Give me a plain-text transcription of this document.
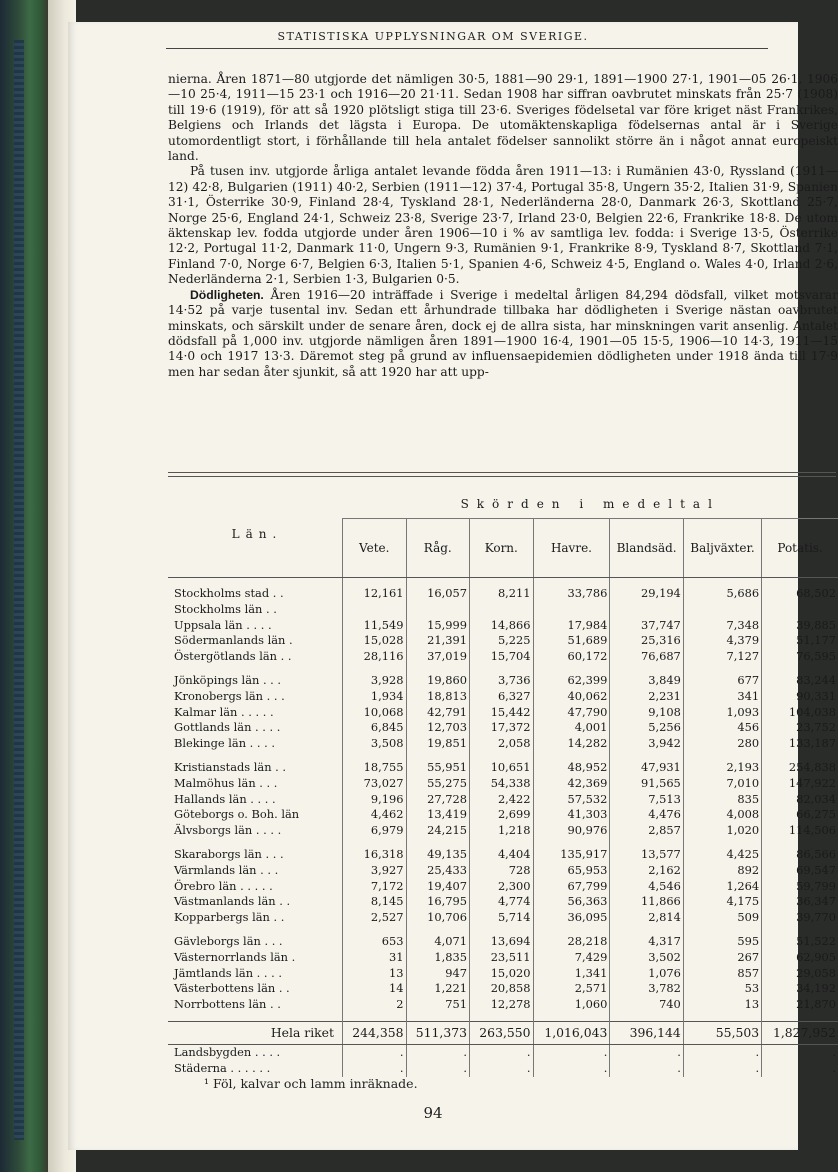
STATISTISKA UPPLYSNINGAR OM SVERIGE.

nierna. Åren 1871—80 utgjorde det nämligen 30·5, 1881—90 29·1, 1891—1900 27·1, 1901—05 26·1, 1906—10 25·4, 1911—15 23·1 och 1916—20 21·11. Sedan 1908 har siffran oavbrutet minskats från 25·7 (1908) till 19·6 (1919), för att så 1920 plötsligt stiga till 23·6. Sveriges födelsetal var före kriget näst Frankrikes, Belgiens och Irlands det lägsta i Europa. De utomäktenskapliga födelsernas antal är i Sverige utomordentligt stort, i förhållande till hela antalet födelser sannolikt större än i något annat europeiskt land.

På tusen inv. utgjorde årliga antalet levande födda åren 1911—13: i Rumänien 43·0, Ryssland (1911—12) 42·8, Bulgarien (1911) 40·2, Serbien (1911—12) 37·4, Portugal 35·8, Ungern 35·2, Italien 31·9, Spanien 31·1, Österrike 30·9, Finland 28·4, Tyskland 28·1, Nederländerna 28·0, Danmark 26·3, Skottland 25·7, Norge 25·6, England 24·1, Schweiz 23·8, Sverige 23·7, Irland 23·0, Belgien 22·6, Frankrike 18·8. De utom äktenskap lev. fodda utgjorde under åren 1906—10 i % av samtliga lev. fodda: i Sverige 13·5, Österrike 12·2, Portugal 11·2, Danmark 11·0, Ungern 9·3, Rumänien 9·1, Frankrike 8·9, Tyskland 8·7, Skottland 7·1, Finland 7·0, Norge 6·7, Belgien 6·3, Italien 5·1, Spanien 4·6, Schweiz 4·5, England o. Wales 4·0, Irland 2·6, Nederländerna 2·1, Serbien 1·3, Bulgarien 0·5.

Dödligheten. Åren 1916—20 inträffade i Sverige i medeltal årligen 84,294 dödsfall, vilket motsvarar 14·52 på varje tusental inv. Sedan ett århundrade tillbaka har dödligheten i Sverige nästan oavbrutet minskats, och särskilt under de senare åren, dock ej de allra sista, har minskningen varit ansenlig. Antalet dödsfall på 1,000 inv. utgjorde nämligen åren 1891—1900 16·4, 1901—05 15·5, 1906—10 14·3, 1911—15 14·0 och 1917 13·3. Däremot steg på grund av influensaepidemien dödligheten under 1918 ända till 17·9 men har sedan åter sjunkit, så att 1920 har att upp-

Län.	Skörden i medeltal						
	Vete.	Råg.	Korn.	Havre.	Blandsäd.	Baljväxter.	Potatis.

Stockholms stad . .	12,161	16,057	8,211	33,786	29,194	5,686	68,502
Stockholms län . .							
Uppsala län . . . .	11,549	15,999	14,866	17,984	37,747	7,348	39,885
Södermanlands län .	15,028	21,391	5,225	51,689	25,316	4,379	51,177
Östergötlands län . .	28,116	37,019	15,704	60,172	76,687	7,127	76,595

Jönköpings län . . .	3,928	19,860	3,736	62,399	3,849	677	83,244
Kronobergs län . . .	1,934	18,813	6,327	40,062	2,231	341	90,331
Kalmar län . . . . .	10,068	42,791	15,442	47,790	9,108	1,093	104,038
Gottlands län . . . .	6,845	12,703	17,372	4,001	5,256	456	23,752
Blekinge län . . . .	3,508	19,851	2,058	14,282	3,942	280	133,187

Kristianstads län . .	18,755	55,951	10,651	48,952	47,931	2,193	254,838
Malmöhus län . . .	73,027	55,275	54,338	42,369	91,565	7,010	147,922
Hallands län . . . .	9,196	27,728	2,422	57,532	7,513	835	82,034
Göteborgs o. Boh. län	4,462	13,419	2,699	41,303	4,476	4,008	66,275
Älvsborgs län . . . .	6,979	24,215	1,218	90,976	2,857	1,020	114,506

Skaraborgs län . . .	16,318	49,135	4,404	135,917	13,577	4,425	86,566
Värmlands län . . .	3,927	25,433	728	65,953	2,162	892	69,547
Örebro län . . . . .	7,172	19,407	2,300	67,799	4,546	1,264	59,799
Västmanlands län . .	8,145	16,795	4,774	56,363	11,866	4,175	36,347
Kopparbergs län . .	2,527	10,706	5,714	36,095	2,814	509	39,770

Gävleborgs län . . .	653	4,071	13,694	28,218	4,317	595	51,522
Västernorrlands län .	31	1,835	23,511	7,429	3,502	267	62,905
Jämtlands län . . . .	13	947	15,020	1,341	1,076	857	29,058
Västerbottens län . .	14	1,221	20,858	2,571	3,782	53	34,192
Norrbottens län . .	2	751	12,278	1,060	740	13	21,870

Hela riket	244,358	511,373	263,550	1,016,043	396,144	55,503	1,827,952
Landsbygden . . . .	.	.	.	.	.	.	.
Städerna . . . . . .	.	.	.	.	.	.	.
¹ Föl, kalvar och lamm inräknade.
94
